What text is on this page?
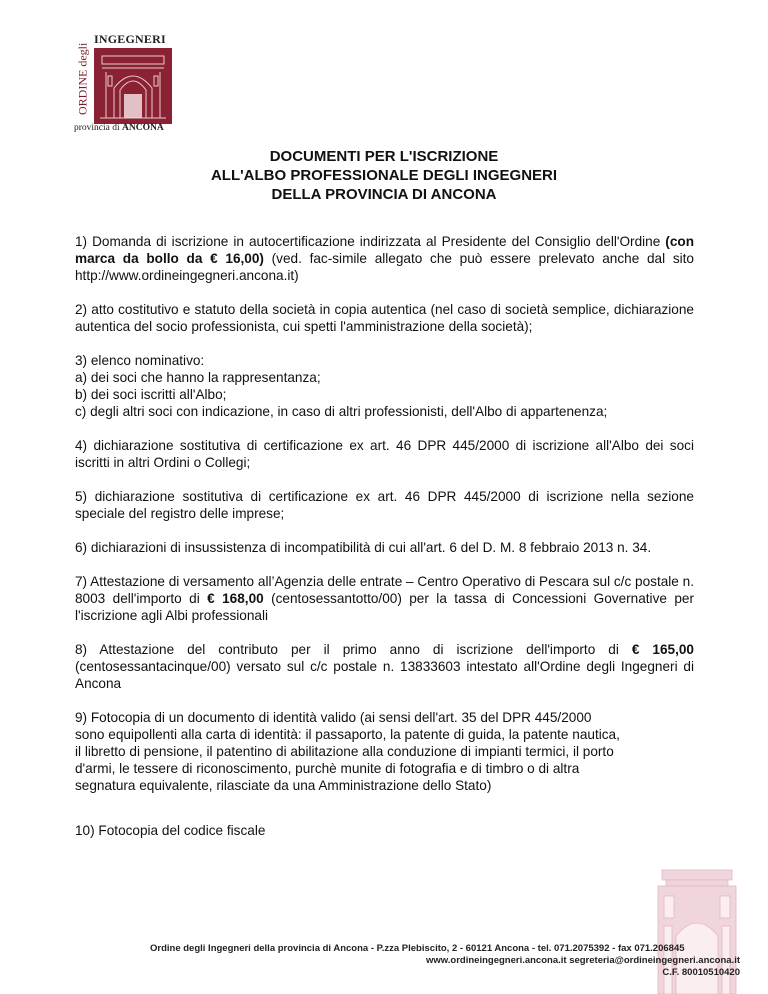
ORDINE degli
INGEGNERI
provincia di ANCONA
DOCUMENTI PER L'ISCRIZIONE
ALL'ALBO PROFESSIONALE DEGLI INGEGNERI
DELLA PROVINCIA DI ANCONA

1) Domanda di iscrizione in autocertificazione indirizzata al Presidente del Consiglio dell'Ordine (con marca da bollo da € 16,00) (ved. fac-simile allegato che può essere prelevato anche dal sito http://www.ordineingegneri.ancona.it)

2) atto costitutivo e statuto della società in copia autentica (nel caso di società semplice, dichiarazione autentica del socio professionista, cui spetti l'amministrazione della società);

3) elenco nominativo:
a) dei soci che hanno la rappresentanza;
b) dei soci iscritti all'Albo;
c) degli altri soci con indicazione, in caso di altri professionisti, dell'Albo di appartenenza;

4) dichiarazione sostitutiva di certificazione ex art. 46 DPR 445/2000 di iscrizione all'Albo dei soci iscritti in altri Ordini o Collegi;

5) dichiarazione sostitutiva di certificazione ex art. 46 DPR 445/2000 di iscrizione nella sezione speciale del registro delle imprese;

6) dichiarazioni di insussistenza di incompatibilità di cui all'art. 6 del D. M. 8 febbraio 2013 n. 34.

7) Attestazione di versamento all’Agenzia delle entrate – Centro Operativo di Pescara sul c/c postale n. 8003 dell'importo di € 168,00 (centosessantotto/00) per la tassa di Concessioni Governative per l'iscrizione agli Albi professionali

8) Attestazione del contributo per il primo anno di iscrizione dell'importo di € 165,00 (centosessantacinque/00) versato sul c/c postale n. 13833603 intestato all'Ordine degli Ingegneri di Ancona

9) Fotocopia di un documento di identità valido (ai sensi dell'art. 35 del DPR 445/2000
sono equipollenti alla carta di identità: il passaporto, la patente di guida, la patente nautica,
il libretto di pensione, il patentino di abilitazione alla conduzione di impianti termici, il porto
d'armi, le tessere di riconoscimento, purchè munite di fotografia e di timbro o di altra
segnatura equivalente, rilasciate da una Amministrazione dello Stato)

10) Fotocopia del codice fiscale

Ordine degli Ingegneri della provincia di Ancona - P.zza Plebiscito, 2 - 60121 Ancona - tel. 071.2075392 - fax 071.206845
www.ordineingegneri.ancona.it segreteria@ordineingegneri.ancona.it
C.F. 80010510420
